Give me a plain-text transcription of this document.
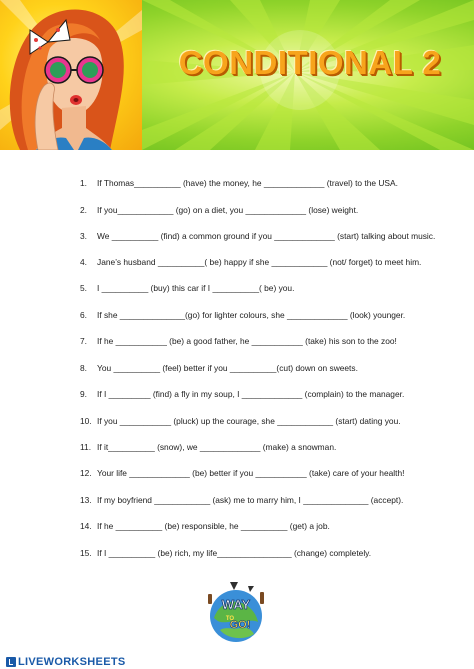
CONDITIONAL 2
1. If Thomas__________ (have) the money, he _____________ (travel) to the USA.
2. If you____________ (go) on a diet, you _____________ (lose) weight.
3. We __________ (find) a common ground if you _____________ (start) talking about music.
4. Jane’s husband __________( be) happy if she ____________ (not/ forget) to meet him.
5. I __________ (buy) this car if I __________( be) you.
6. If she ______________(go) for lighter colours, she _____________ (look) younger.
7. If he ___________ (be) a good father, he ___________ (take) his son to the zoo!
8. You __________ (feel) better if you __________(cut) down on sweets.
9. If I _________ (find) a fly in my soup, I _____________ (complain) to the manager.
10. If you ___________ (pluck) up the courage, she ____________ (start) dating you.
11. If it__________ (snow), we _____________ (make) a snowman.
12. Your life _____________ (be) better if you ___________ (take) care of your health!
13. If my boyfriend ____________ (ask) me to marry him, I ______________ (accept).
14. If he __________ (be) responsible, he __________ (get) a job.
15. If I __________ (be) rich, my life________________ (change) completely.
WAY
TO
GO!
LIVEWORKSHEETS
